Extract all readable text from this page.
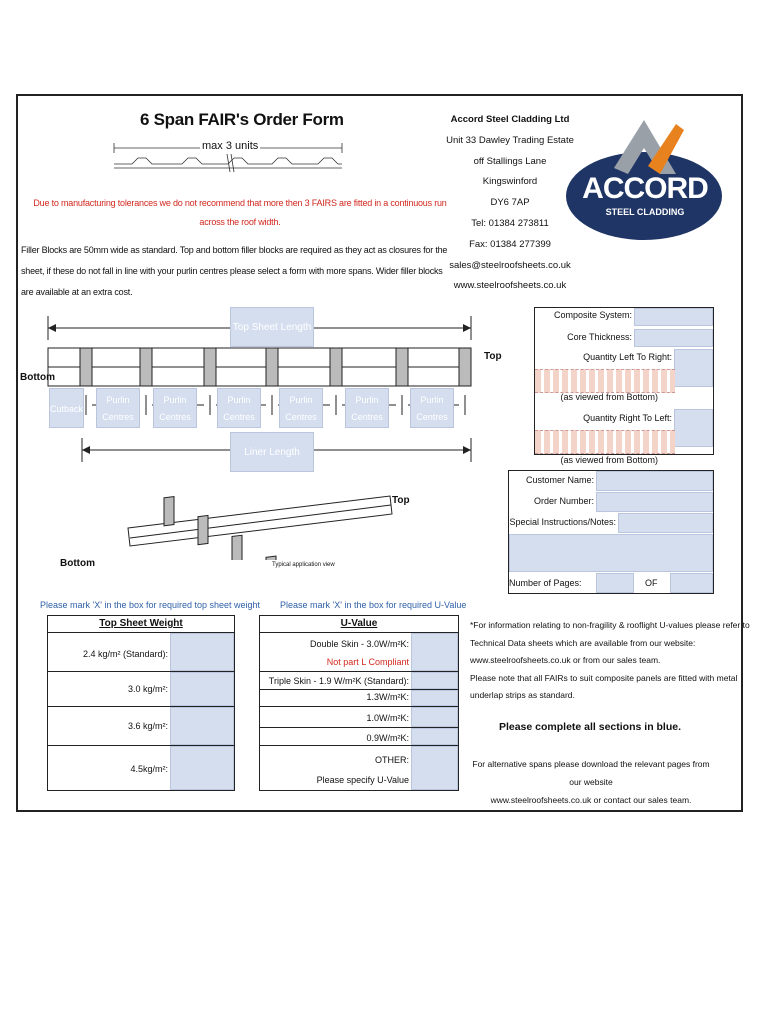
6 Span FAIR's Order Form
max 3 units
Due to manufacturing tolerances we do not recommend that more then 3 FAIRS are fitted in a continuous run across the roof width.
Filler Blocks are 50mm wide as standard. Top and bottom filler blocks are required as they act as closures for the sheet, if these do not fall in line with your purlin centres please select a form with more spans. Wider filler blocks are available at an extra cost.
Accord Steel Cladding Ltd
Unit 33 Dawley Trading Estate
off Stallings Lane
Kingswinford
DY6 7AP
Tel: 01384 273811
Fax: 01384 277399
sales@steelroofsheets.co.uk
www.steelroofsheets.co.uk
ACCORD
STEEL CLADDING
Top Sheet Length
Top
Bottom
Cutback
Purlin
Centres
Purlin
Centres
Purlin
Centres
Purlin
Centres
Purlin
Centres
Purlin
Centres
Liner Length
Top
Bottom	Typical application view
Composite System:
Core Thickness:
Quantity Left To Right:
(as viewed from Bottom)
Quantity Right To Left:
(as viewed from Bottom)
Customer Name:
Order Number:
Special Instructions/Notes:
Number of Pages:	OF
Please mark 'X' in the box for required top sheet weight
Top Sheet Weight
2.4 kg/m² (Standard):
3.0 kg/m²:
3.6 kg/m²:
4.5kg/m²:
Please mark 'X' in the box for required U-Value
U-Value
Double Skin - 3.0W/m²K:
Not part L Compliant
Triple Skin - 1.9 W/m²K (Standard):
1.3W/m²K:
1.0W/m²K:
0.9W/m²K:
OTHER:
Please specify U-Value
*For information relating to non-fragility & rooflight U-values please refer to
Technical Data sheets which are available from our website:
www.steelroofsheets.co.uk or from our sales team.
Please note that all FAIRs to suit composite panels are fitted with metal
underlap strips as standard.
Please complete all sections in blue.
For alternative spans please download the relevant pages from our website
www.steelroofsheets.co.uk or contact our sales team.
